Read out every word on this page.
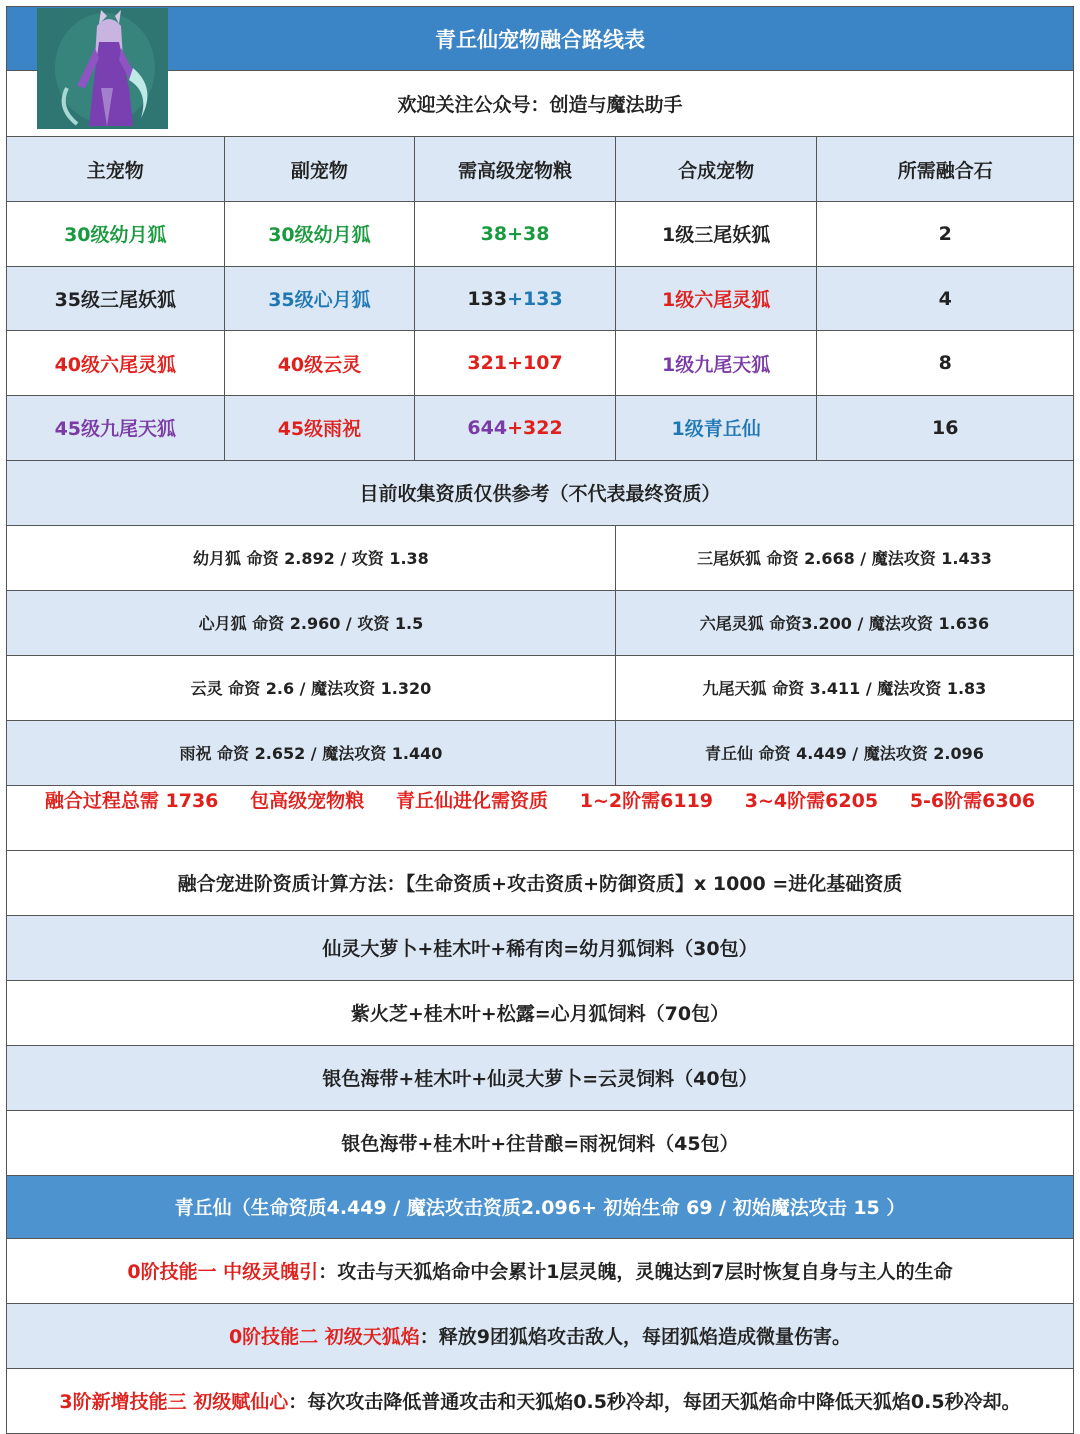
青丘仙宠物融合路线表
欢迎关注公众号：创造与魔法助手
主宠物	副宠物	需高级宠物粮	合成宠物	所需融合石
30级幼月狐	30级幼月狐	38 +38	1级三尾妖狐	2
35级三尾妖狐	35级心月狐	133 +133	1级六尾灵狐	4
40级六尾灵狐	40级云灵	321 +107	1级九尾天狐	8
45级九尾天狐	45级雨祝	644 +322	1级青丘仙	16
目前收集资质仅供参考（不代表最终资质）
幼月狐 命资 2.892 / 攻资 1.38	三尾妖狐 命资 2.668 / 魔法攻资 1.433
心月狐 命资 2.960 / 攻资 1.5	六尾灵狐 命资3.200 / 魔法攻资 1.636
云灵 命资 2.6 / 魔法攻资 1.320	九尾天狐 命资 3.411 / 魔法攻资 1.83
雨祝 命资 2.652 / 魔法攻资 1.440	青丘仙 命资 4.449 / 魔法攻资 2.096
融合过程总需 1736 包高级宠物粮 青丘仙进化需资质 1~2阶需6119 3~4阶需6205 5-6阶需6306
融合宠进阶资质计算方法：【生命资质+攻击资质+防御资质】x 1000 =进化基础资质
仙灵大萝卜+桂木叶+稀有肉=幼月狐饲料（30包）
紫火芝+桂木叶+松露=心月狐饲料（70包）
银色海带+桂木叶+仙灵大萝卜=云灵饲料（40包）
银色海带+桂木叶+往昔酿=雨祝饲料（45包）
青丘仙（生命资质4.449 / 魔法攻击资质2.096+ 初始生命 69 / 初始魔法攻击 15 ）
0阶技能一 中级灵魄引 ：攻击与天狐焰命中会累计1层灵魄，灵魄达到7层时恢复自身与主人的生命
0阶技能二 初级天狐焰 ：释放9团狐焰攻击敌人，每团狐焰造成微量伤害。
3阶新增技能三 初级赋仙心 ：每次攻击降低普通攻击和天狐焰0.5秒冷却，每团天狐焰命中降低天狐焰0.5秒冷却。
